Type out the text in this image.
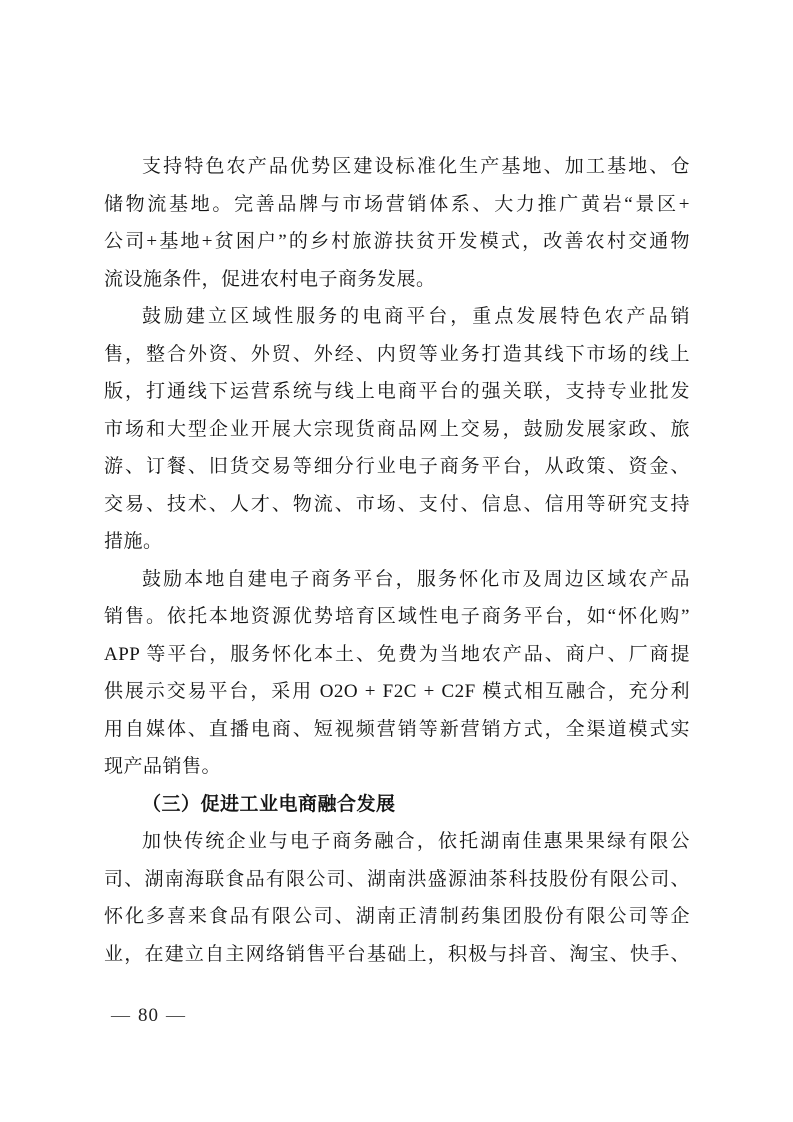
支持特色农产品优势区建设标准化生产基地、加工基地、仓
储物流基地。完善品牌与市场营销体系、大力推广黄岩“景区+
公司+基地+贫困户”的乡村旅游扶贫开发模式，改善农村交通物
流设施条件，促进农村电子商务发展。
鼓励建立区域性服务的电商平台，重点发展特色农产品销
售，整合外资、外贸、外经、内贸等业务打造其线下市场的线上
版，打通线下运营系统与线上电商平台的强关联，支持专业批发
市场和大型企业开展大宗现货商品网上交易，鼓励发展家政、旅
游、订餐、旧货交易等细分行业电子商务平台，从政策、资金、
交易、技术、人才、物流、市场、支付、信息、信用等研究支持
措施。
鼓励本地自建电子商务平台，服务怀化市及周边区域农产品
销售。依托本地资源优势培育区域性电子商务平台，如“怀化购”
APP 等平台，服务怀化本土、免费为当地农产品、商户、厂商提
供展示交易平台，采用 O2O + F2C + C2F 模式相互融合，充分利
用自媒体、直播电商、短视频营销等新营销方式，全渠道模式实
现产品销售。
（三）促进工业电商融合发展
加快传统企业与电子商务融合，依托湖南佳惠果果绿有限公
司、湖南海联食品有限公司、湖南洪盛源油茶科技股份有限公司、
怀化多喜来食品有限公司、湖南正清制药集团股份有限公司等企
业，在建立自主网络销售平台基础上，积极与抖音、淘宝、快手、
— 80 —
